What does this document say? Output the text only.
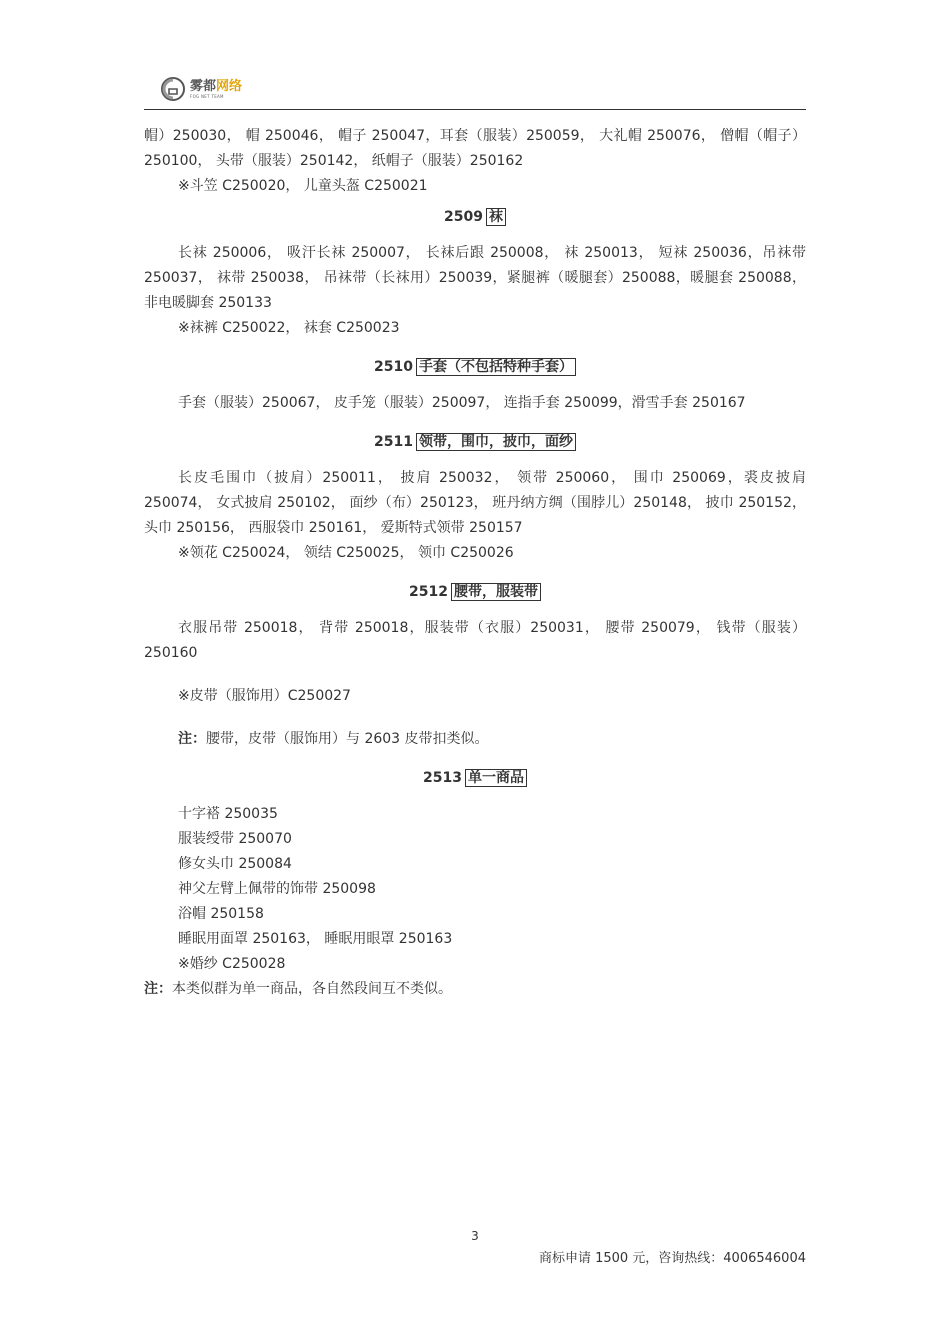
雾都网络
FOG NET TEAM

帽）250030， 帽 250046， 帽子 250047，耳套（服装）250059， 大礼帽 250076， 僧帽（帽子）250100， 头带（服装）250142， 纸帽子（服装）250162

※斗笠 C250020， 儿童头盔 C250021

2509 袜

长袜 250006， 吸汗长袜 250007， 长袜后跟 250008， 袜 250013， 短袜 250036，吊袜带 250037， 袜带 250038， 吊袜带（长袜用）250039，紧腿裤（暖腿套）250088，暖腿套 250088， 非电暖脚套 250133

※袜裤 C250022， 袜套 C250023

2510 手套（不包括特种手套）

手套（服装）250067， 皮手笼（服装）250097， 连指手套 250099，滑雪手套 250167

2511 领带，围巾，披巾，面纱

长皮毛围巾（披肩）250011， 披肩 250032， 领带 250060， 围巾 250069，裘皮披肩 250074， 女式披肩 250102， 面纱（布）250123， 班丹纳方绸（围脖儿）250148， 披巾 250152， 头巾 250156， 西服袋巾 250161， 爱斯特式领带 250157

※领花 C250024， 领结 C250025， 领巾 C250026

2512 腰带，服装带

衣服吊带 250018， 背带 250018，服装带（衣服）250031， 腰带 250079， 钱带（服装）250160

※皮带（服饰用）C250027

注：腰带，皮带（服饰用）与 2603 皮带扣类似。

2513 单一商品

十字褡 250035

服装绶带 250070

修女头巾 250084

神父左臂上佩带的饰带 250098

浴帽 250158

睡眠用面罩 250163， 睡眠用眼罩 250163

※婚纱 C250028

注：本类似群为单一商品，各自然段间互不类似。

3
商标申请 1500 元，咨询热线：4006546004
